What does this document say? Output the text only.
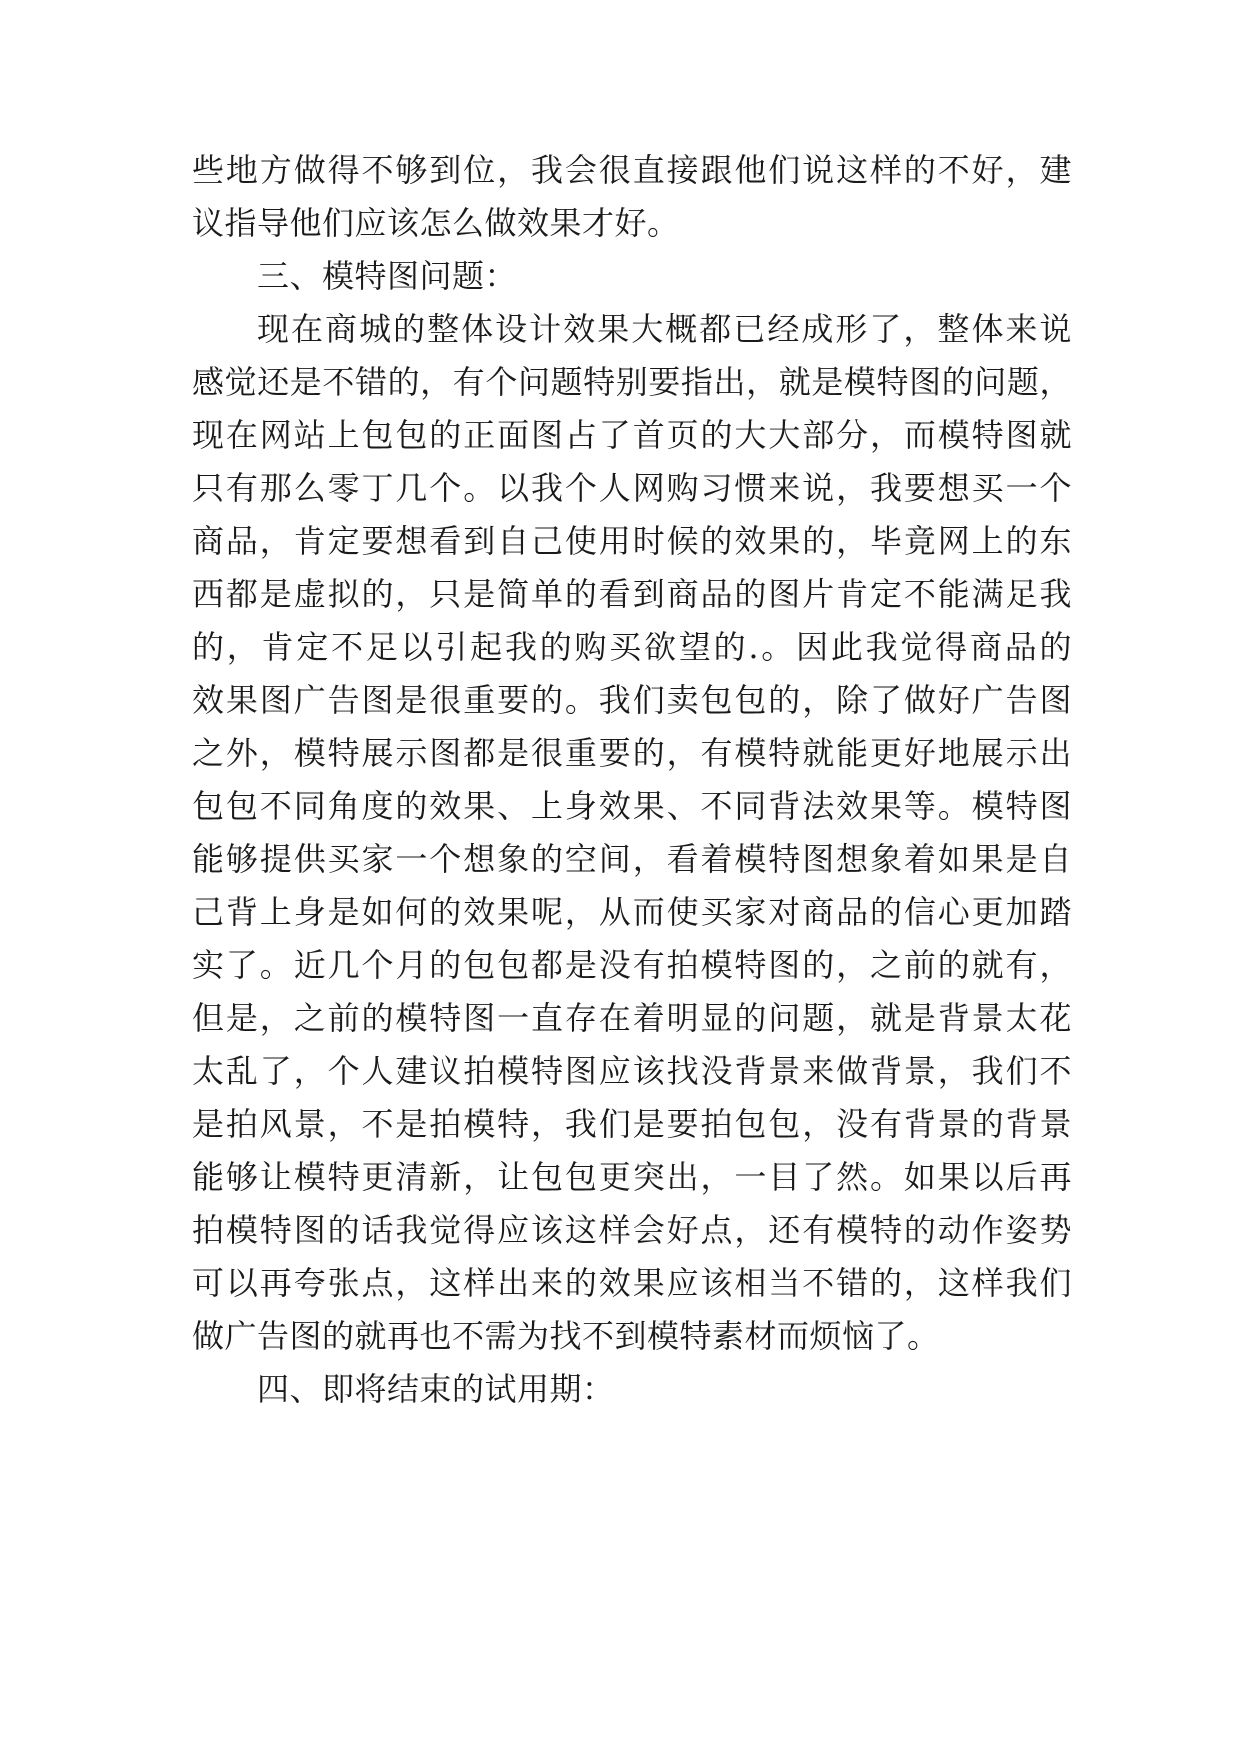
些地方做得不够到位，我会很直接跟他们说这样的不好，建
议指导他们应该怎么做效果才好。
三、模特图问题：
现在商城的整体设计效果大概都已经成形了，整体来说
感觉还是不错的，有个问题特别要指出，就是模特图的问题，
现在网站上包包的正面图占了首页的大大部分，而模特图就
只有那么零丁几个。以我个人网购习惯来说，我要想买一个
商品，肯定要想看到自己使用时候的效果的，毕竟网上的东
西都是虚拟的，只是简单的看到商品的图片肯定不能满足我
的，肯定不足以引起我的购买欲望的.。因此我觉得商品的
效果图广告图是很重要的。我们卖包包的，除了做好广告图
之外，模特展示图都是很重要的，有模特就能更好地展示出
包包不同角度的效果、上身效果、不同背法效果等。模特图
能够提供买家一个想象的空间，看着模特图想象着如果是自
己背上身是如何的效果呢，从而使买家对商品的信心更加踏
实了。近几个月的包包都是没有拍模特图的，之前的就有，
但是，之前的模特图一直存在着明显的问题，就是背景太花
太乱了，个人建议拍模特图应该找没背景来做背景，我们不
是拍风景，不是拍模特，我们是要拍包包，没有背景的背景
能够让模特更清新，让包包更突出，一目了然。如果以后再
拍模特图的话我觉得应该这样会好点，还有模特的动作姿势
可以再夸张点，这样出来的效果应该相当不错的，这样我们
做广告图的就再也不需为找不到模特素材而烦恼了。
四、即将结束的试用期：
